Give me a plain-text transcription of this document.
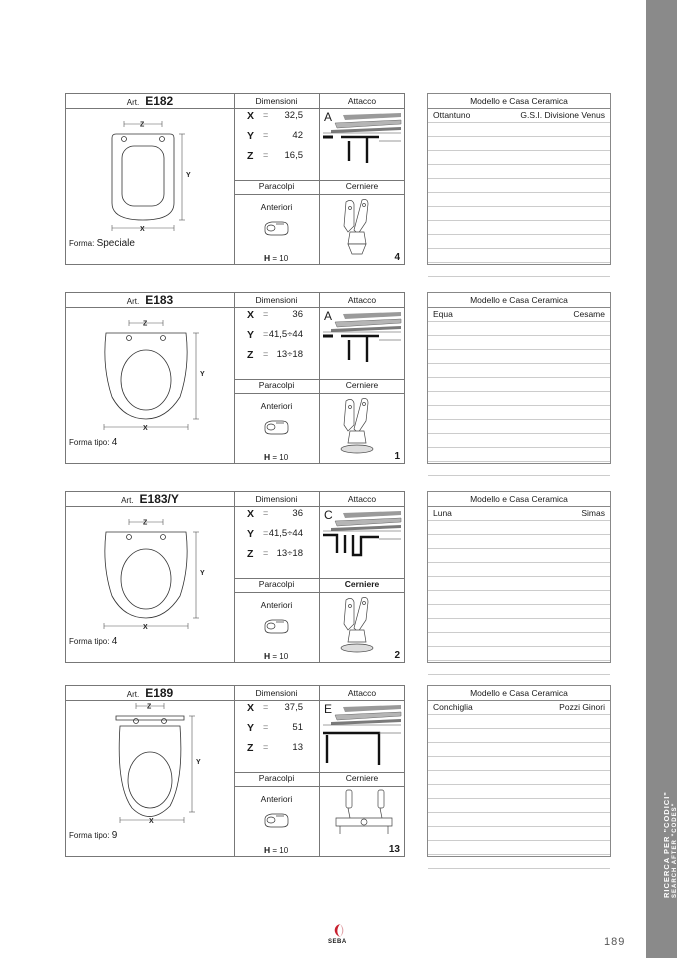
RICERCA PER "CODICI" SEARCH AFTER "CODES"
Art. E182	Dimensioni	Attacco
Z
X
Y
X = 32,5
Y =	42
Z = 16,5
A
Paracolpi	Cerniere
Anteriori
H = 10	4
Forma: Speciale
Modello e Casa Ceramica
Ottantuno	G.S.I. Divisione Venus
Art. E183	Dimensioni	Attacco
Z
X
Y
X =	36
Y = 41,5÷44
Z = 13÷18
A
Paracolpi	Cerniere
Anteriori
H = 10	1
Forma tipo: 4
Modello e Casa Ceramica
Equa	Cesame
Art. E183/Y	Dimensioni	Attacco
Z
X
Y
X =	36
Y = 41,5÷44
Z = 13÷18
C
Paracolpi	Cerniere
Anteriori
H = 10	2
Forma tipo: 4
Modello e Casa Ceramica
Luna	Simas
Art. E189	Dimensioni	Attacco
Z
X
Y
X = 37,5
Y =	51
Z =	13
E
Paracolpi	Cerniere
Anteriori
H = 10	13
Forma tipo: 9
Modello e Casa Ceramica
Conchiglia	Pozzi Ginori
SEBA	189
